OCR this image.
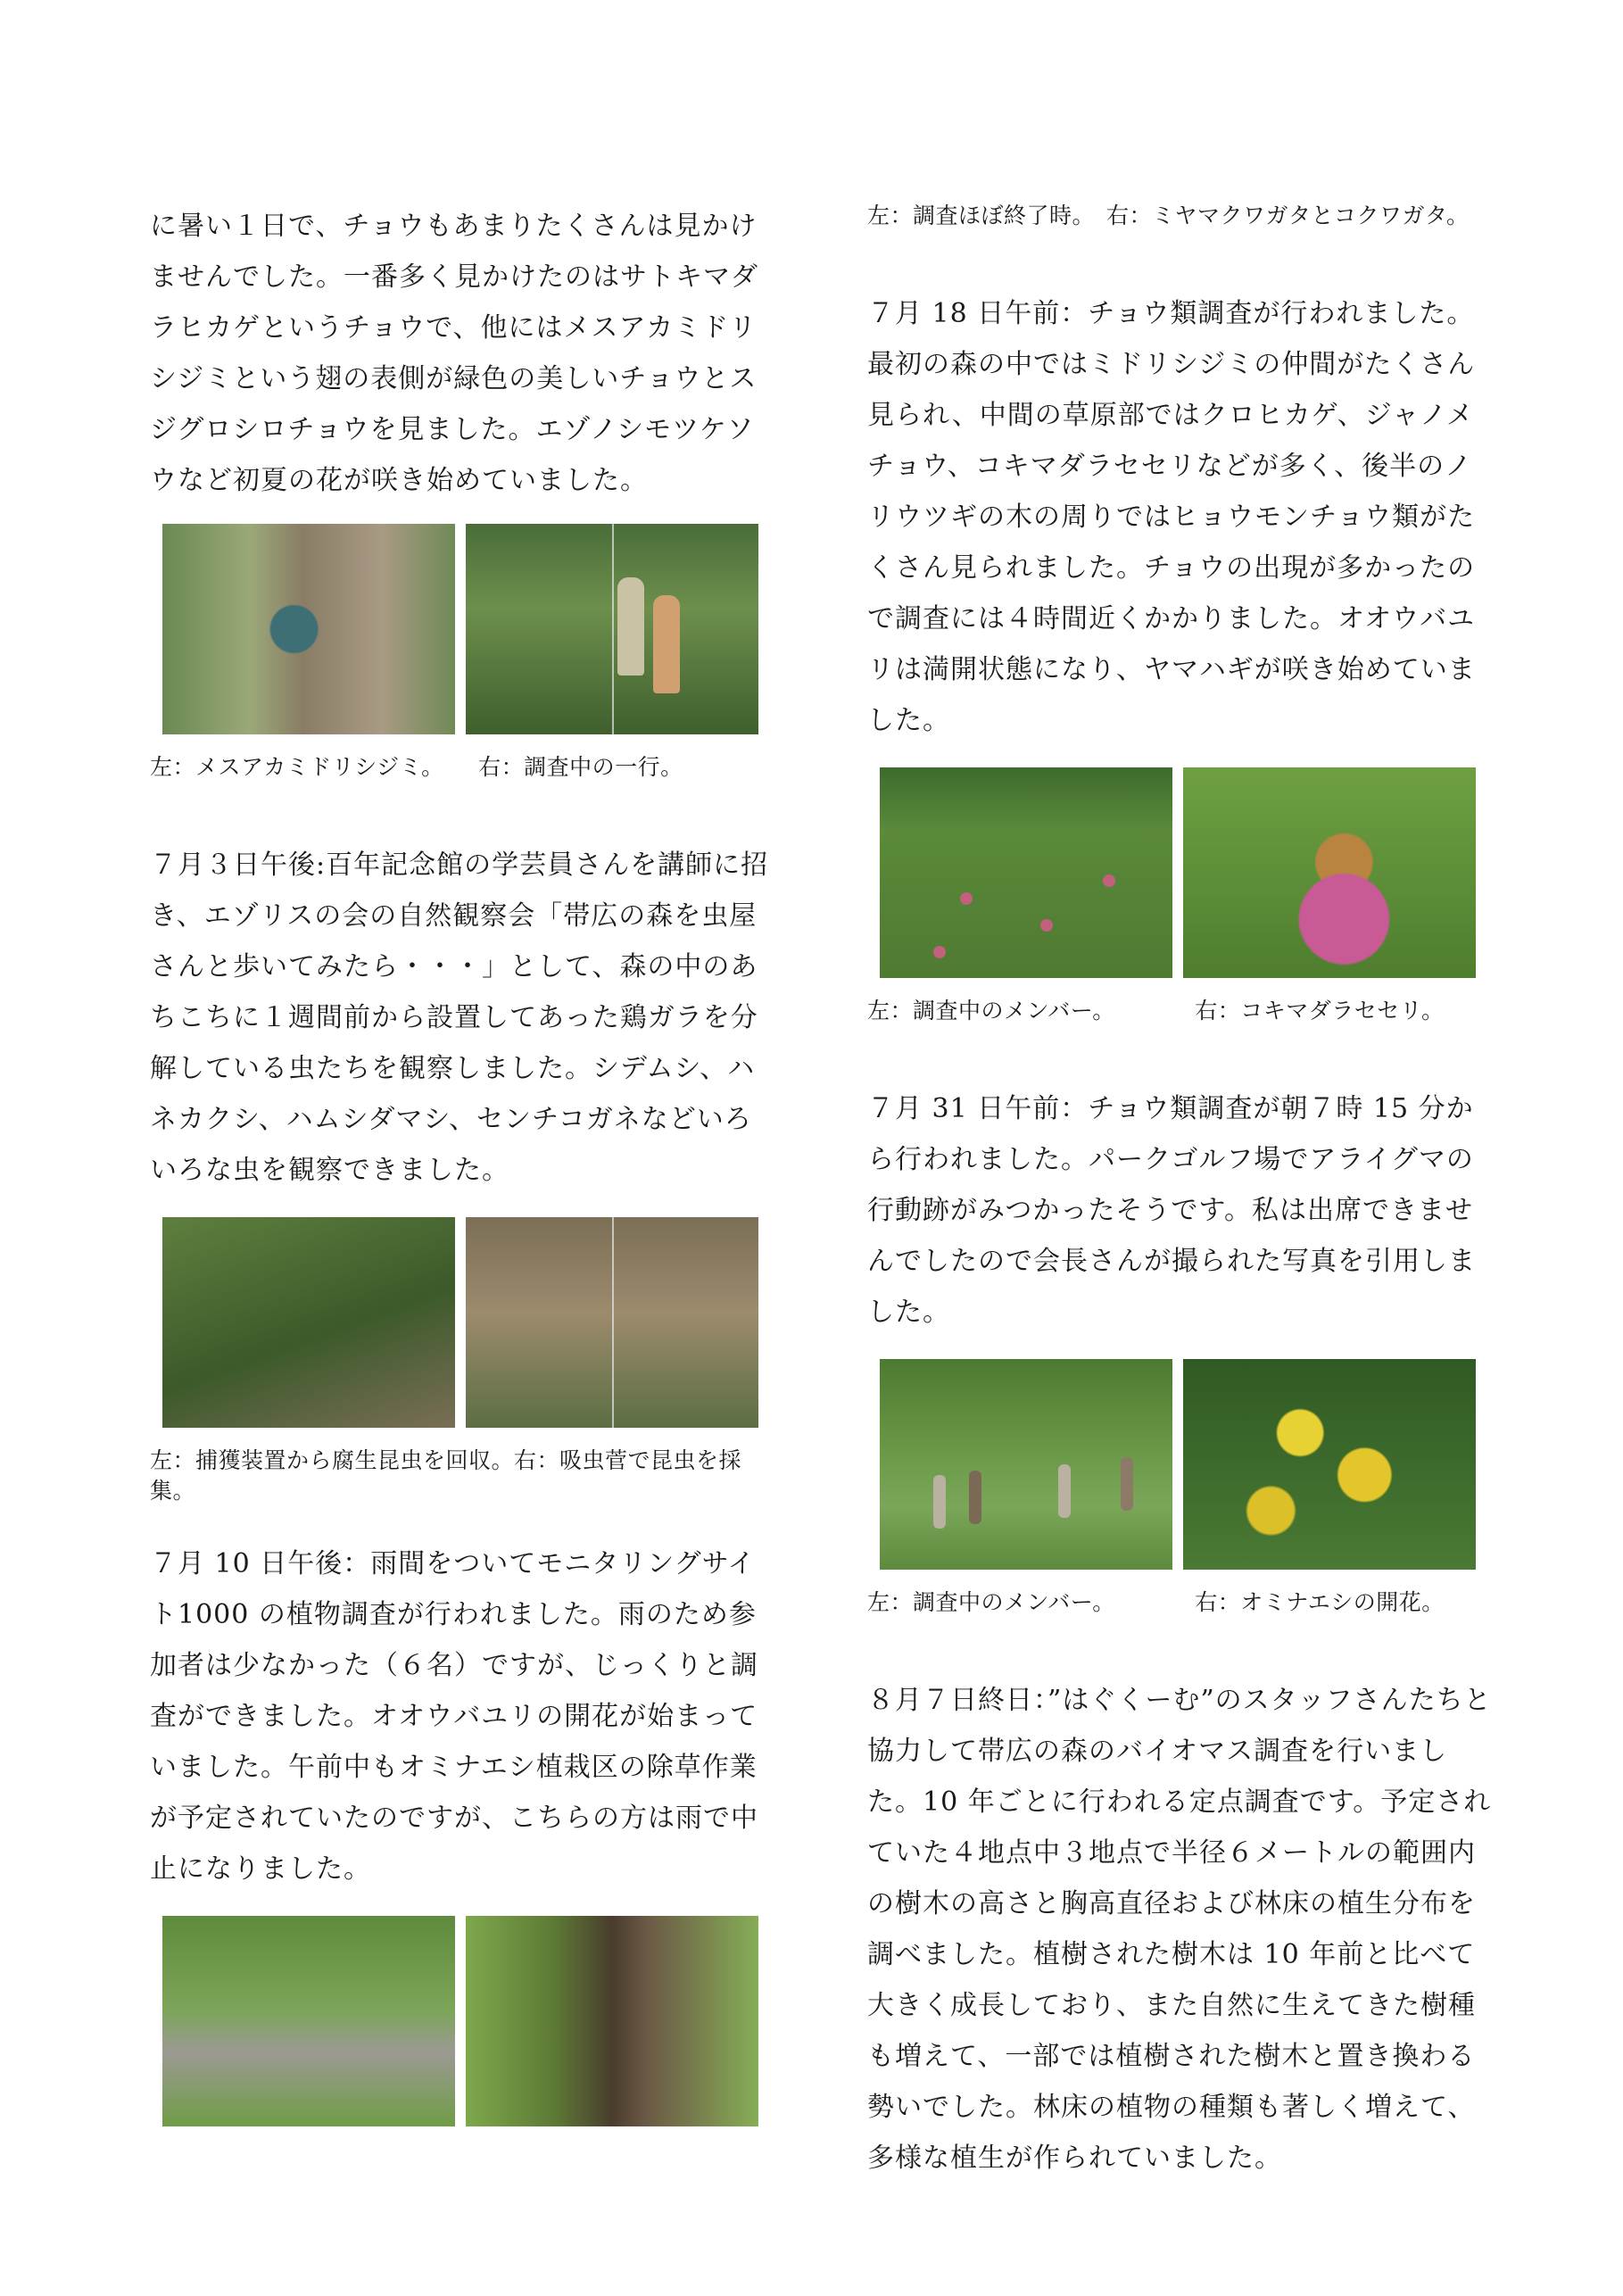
に暑い１日で、チョウもあまりたくさんは見かけませんでした。一番多く見かけたのはサトキマダラヒカゲというチョウで、他にはメスアカミドリシジミという翅の表側が緑色の美しいチョウとスジグロシロチョウを見ました。エゾノシモツケソウなど初夏の花が咲き始めていました。

左：メスアカミドリシジミ。　　右：調査中の一行。

７月３日午後:百年記念館の学芸員さんを講師に招き、エゾリスの会の自然観察会「帯広の森を虫屋さんと歩いてみたら・・・」として、森の中のあちこちに１週間前から設置してあった鶏ガラを分解している虫たちを観察しました。シデムシ、ハネカクシ、ハムシダマシ、センチコガネなどいろいろな虫を観察できました。

左：捕獲装置から腐生昆虫を回収。右：吸虫菅で昆虫を採集。

７月 10 日午後：雨間をついてモニタリングサイト1000 の植物調査が行われました。雨のため参加者は少なかった（６名）ですが、じっくりと調査ができました。オオウバユリの開花が始まっていました。午前中もオミナエシ植栽区の除草作業が予定されていたのですが、こちらの方は雨で中止になりました。

左：調査ほぼ終了時。　右：ミヤマクワガタとコクワガタ。

７月 18 日午前：チョウ類調査が行われました。最初の森の中ではミドリシジミの仲間がたくさん見られ、中間の草原部ではクロヒカゲ、ジャノメチョウ、コキマダラセセリなどが多く、後半のノリウツギの木の周りではヒョウモンチョウ類がたくさん見られました。チョウの出現が多かったので調査には４時間近くかかりました。オオウバユリは満開状態になり、ヤマハギが咲き始めていました。

左：調査中のメンバー。　　　　右：コキマダラセセリ。

７月 31 日午前：チョウ類調査が朝７時 15 分から行われました。パークゴルフ場でアライグマの行動跡がみつかったそうです。私は出席できませんでしたので会長さんが撮られた写真を引用しました。

左：調査中のメンバー。　　　　右：オミナエシの開花。

８月７日終日：”はぐくーむ”のスタッフさんたちと協力して帯広の森のバイオマス調査を行いました。10 年ごとに行われる定点調査です。予定されていた４地点中３地点で半径６メートルの範囲内の樹木の高さと胸高直径および林床の植生分布を調べました。植樹された樹木は 10 年前と比べて大きく成長しており、また自然に生えてきた樹種も増えて、一部では植樹された樹木と置き換わる勢いでした。林床の植物の種類も著しく増えて、多様な植生が作られていました。
